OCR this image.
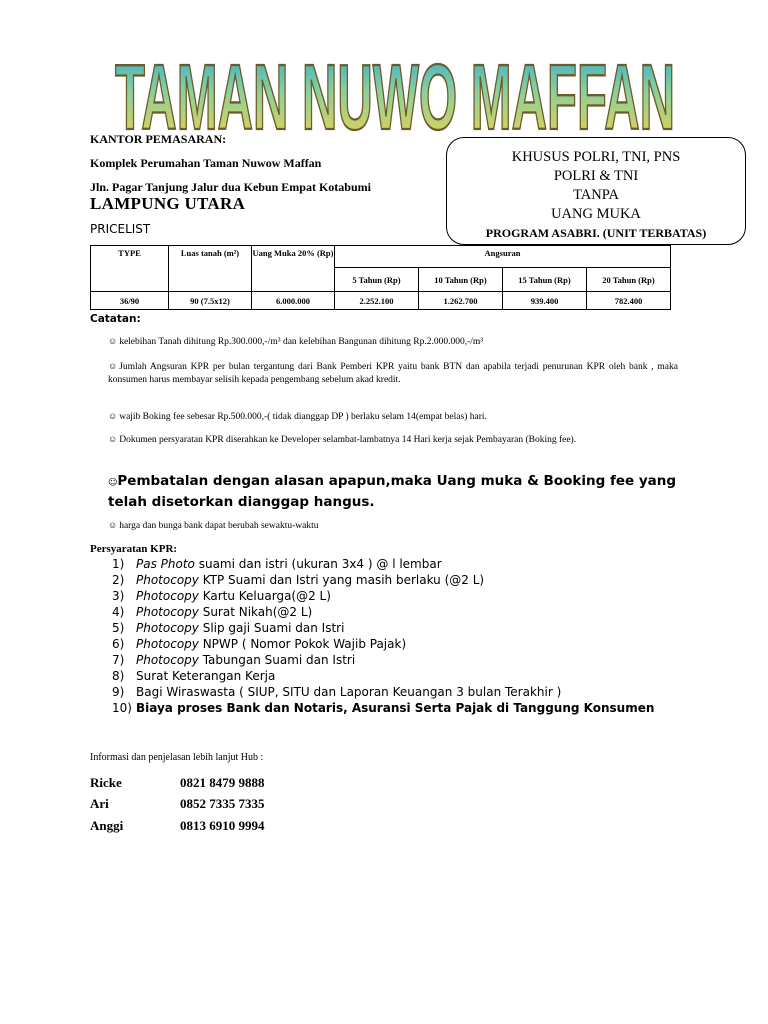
TAMAN NUWO MAFFAN
KANTOR PEMASARAN:
Komplek Perumahan Taman Nuwow Maffan
Jln. Pagar Tanjung Jalur dua Kebun Empat Kotabumi
LAMPUNG UTARA
PRICELIST
KHUSUS POLRI, TNI, PNS
POLRI & TNI
TANPA
UANG MUKA
PROGRAM ASABRI. (UNIT TERBATAS)
TYPE	Luas tanah (m²)	Uang Muka 20% (Rp)	Angsuran			
			5 Tahun (Rp)	10 Tahun (Rp)	15 Tahun (Rp)	20 Tahun (Rp)
36/90	90 (7.5x12)	6.000.000	2.252.100	1.262.700	939.400	782.400
Catatan:
☺ kelebihan Tanah dihitung Rp.300.000,-/m³ dan kelebihan Bangunan dihitung Rp.2.000.000,-/m³
☺ Jumlah Angsuran KPR per bulan tergantung dari Bank Pemberi KPR yaitu bank BTN dan apabila terjadi penurunan KPR oleh bank , maka konsumen harus membayar selisih kepada pengembang sebelum akad kredit.
☺ wajib Boking fee sebesar Rp.500.000,-( tidak dianggap DP ) berlaku selam 14(empat belas) hari.
☺ Dokumen persyaratan KPR diserahkan ke Developer selambat-lambatnya 14 Hari kerja sejak Pembayaran (Boking fee).
☺Pembatalan dengan alasan apapun,maka Uang muka & Booking fee yang telah disetorkan dianggap hangus.
☺ harga dan bunga bank dapat berubah sewaktu-waktu
Persyaratan KPR:
1) Pas Photo suami dan istri (ukuran 3x4 ) @ l lembar
2) Photocopy KTP Suami dan Istri yang masih berlaku (@2 L)
3) Photocopy Kartu Keluarga(@2 L)
4) Photocopy Surat Nikah(@2 L)
5) Photocopy Slip gaji Suami dan Istri
6) Photocopy NPWP ( Nomor Pokok Wajib Pajak)
7) Photocopy Tabungan Suami dan Istri
8) Surat Keterangan Kerja
9) Bagi Wiraswasta ( SIUP, SITU dan Laporan Keuangan 3 bulan Terakhir )
10) Biaya proses Bank dan Notaris, Asuransi Serta Pajak di Tanggung Konsumen
Informasi dan penjelasan lebih lanjut Hub :
Ricke	0821 8479 9888
Ari	0852 7335 7335
Anggi	0813 6910 9994
